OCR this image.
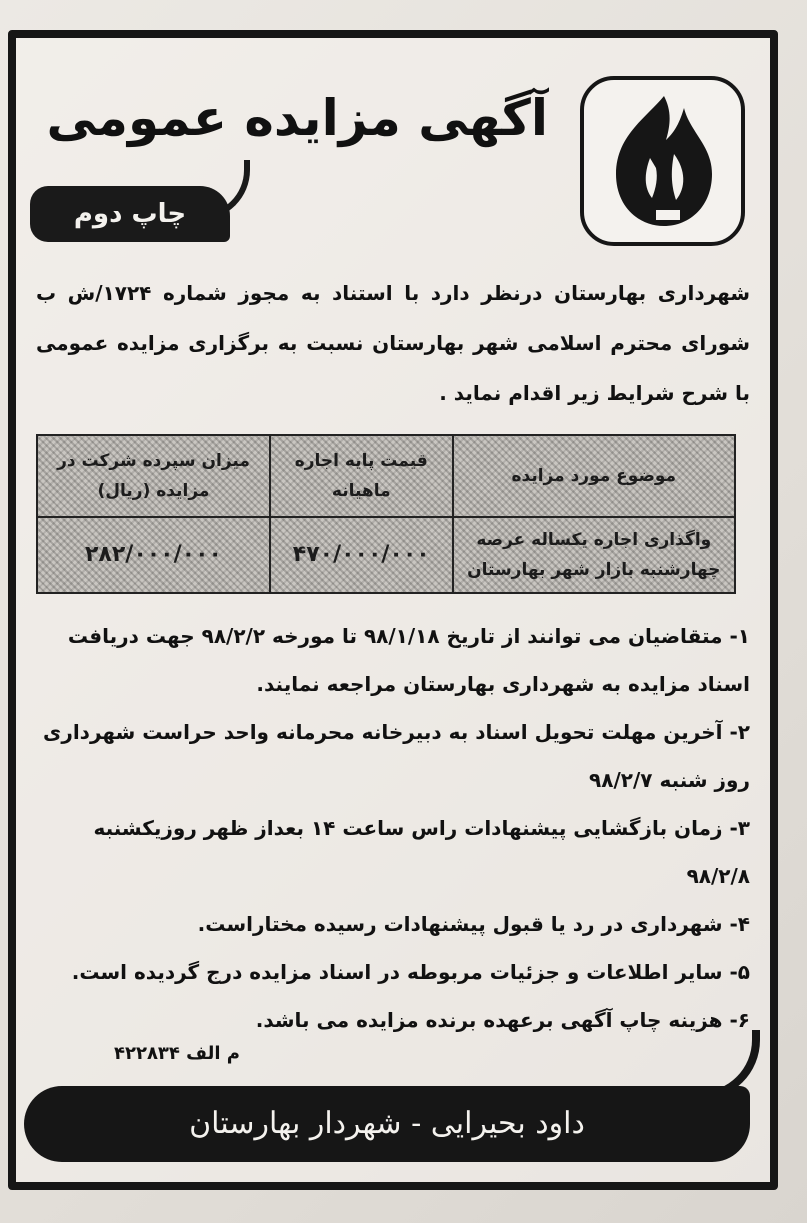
آگهی مزایده عمومی
چاپ دوم
شهرداری بهارستان درنظر دارد با استناد به مجوز شماره ۱۷۲۴/ش ب شورای محترم اسلامی شهر بهارستان نسبت به برگزاری مزایده عمومی با شرح شرایط زیر اقدام نماید .
موضوع مورد مزایده	قیمت پایه اجاره ماهیانه	میزان سپرده شرکت در مزایده (ریال)
واگذاری اجاره یکساله عرصه چهارشنبه بازار شهر بهارستان	۴۷۰/۰۰۰/۰۰۰	۲۸۲/۰۰۰/۰۰۰

۱- متقاضیان می توانند از تاریخ ۹۸/۱/۱۸ تا مورخه ۹۸/۲/۲ جهت دریافت اسناد مزایده به شهرداری بهارستان مراجعه نمایند.

۲- آخرین مهلت تحویل اسناد به دبیرخانه محرمانه واحد حراست شهرداری روز شنبه ۹۸/۲/۷

۳- زمان بازگشایی پیشنهادات راس ساعت ۱۴ بعداز ظهر روزیکشنبه ۹۸/۲/۸

۴- شهرداری در رد یا قبول پیشنهادات رسیده مختاراست.

۵- سایر اطلاعات و جزئیات مربوطه در اسناد مزایده درج گردیده است.

۶- هزینه چاپ آگهی برعهده برنده مزایده می باشد.

م الف ۴۲۲۸۳۴
داود بحیرایی - شهردار بهارستان
